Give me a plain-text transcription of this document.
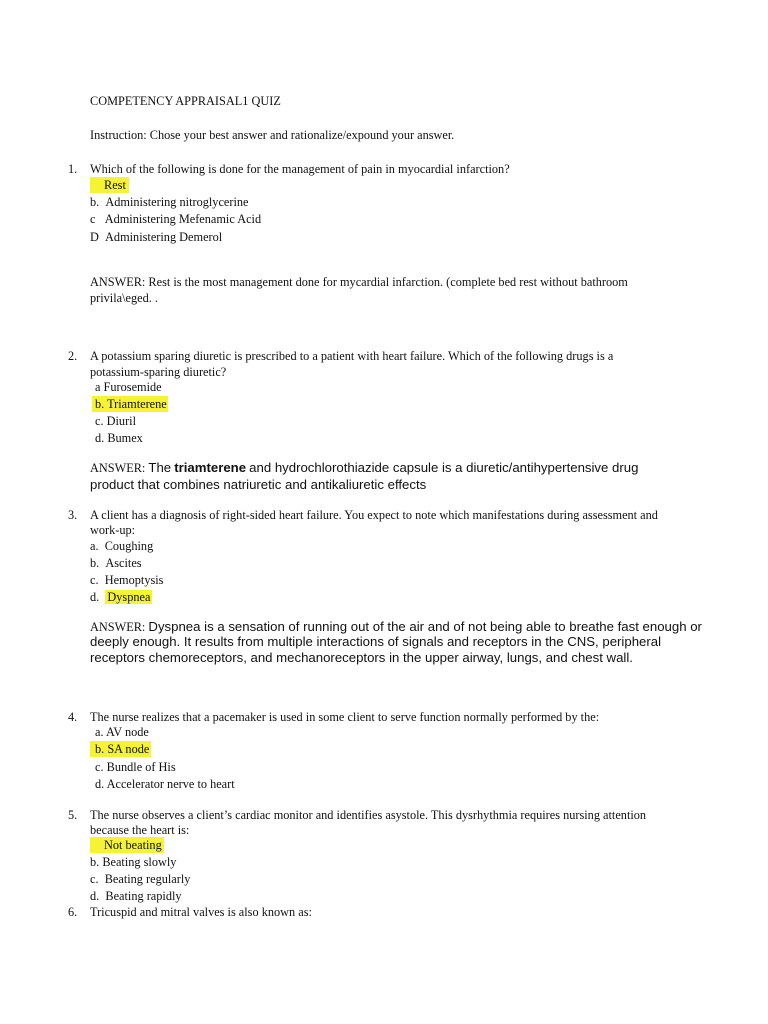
COMPETENCY APPRAISAL1 QUIZ
Instruction: Chose your best answer and rationalize/expound your answer.
1. Which of the following is done for the management of pain in myocardial infarction?
Rest
b. Administering nitroglycerine
c Administering Mefenamic Acid
D Administering Demerol
ANSWER: Rest is the most management done for mycardial infarction. (complete bed rest without bathroom
privila\eged. .
2. A potassium sparing diuretic is prescribed to a patient with heart failure. Which of the following drugs is a
potassium-sparing diuretic?
a Furosemide
b. Triamterene
c. Diuril
d. Bumex
ANSWER: The triamterene and hydrochlorothiazide capsule is a diuretic/antihypertensive drug
product that combines natriuretic and antikaliuretic effects
3. A client has a diagnosis of right-sided heart failure. You expect to note which manifestations during assessment and
work-up:
a. Coughing
b. Ascites
c. Hemoptysis
d. Dyspnea
ANSWER: Dyspnea is a sensation of running out of the air and of not being able to breathe fast enough or
deeply enough. It results from multiple interactions of signals and receptors in the CNS, peripheral
receptors chemoreceptors, and mechanoreceptors in the upper airway, lungs, and chest wall.
4. The nurse realizes that a pacemaker is used in some client to serve function normally performed by the:
a. AV node
b. SA node
c. Bundle of His
d. Accelerator nerve to heart
5. The nurse observes a client’s cardiac monitor and identifies asystole. This dysrhythmia requires nursing attention
because the heart is:
Not beating
b. Beating slowly
c. Beating regularly
d. Beating rapidly
6. Tricuspid and mitral valves is also known as:
